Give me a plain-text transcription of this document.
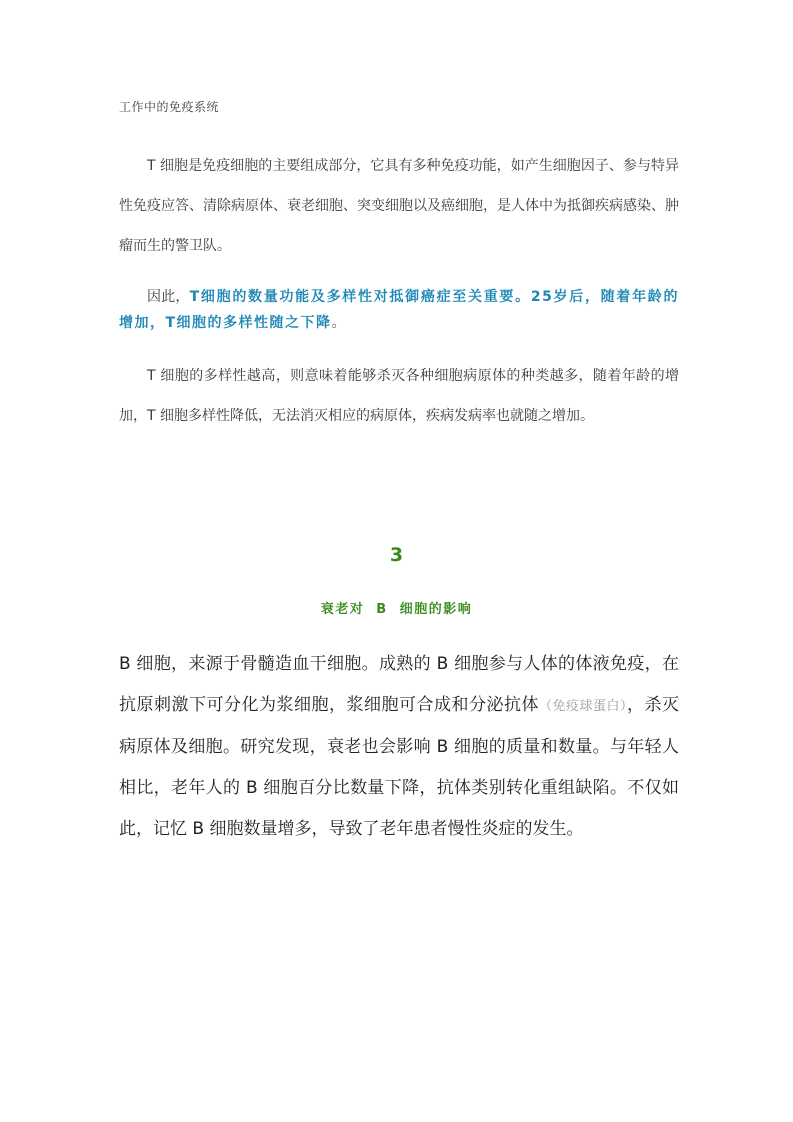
工作中的免疫系统

T 细胞是免疫细胞的主要组成部分，它具有多种免疫功能，如产生细胞因子、参与特异性免疫应答、清除病原体、衰老细胞、突变细胞以及癌细胞，是人体中为抵御疾病感染、肿瘤而生的警卫队。

因此，T细胞的数量功能及多样性对抵御癌症至关重要。25岁后，随着年龄的增加，T细胞的多样性随之下降。

T 细胞的多样性越高，则意味着能够杀灭各种细胞病原体的种类越多，随着年龄的增加，T 细胞多样性降低，无法消灭相应的病原体，疾病发病率也就随之增加。

3
衰老对 B 细胞的影响

B 细胞，来源于骨髓造血干细胞。成熟的 B 细胞参与人体的体液免疫，在抗原刺激下可分化为浆细胞，浆细胞可合成和分泌抗体（免疫球蛋白），杀灭病原体及细胞。研究发现，衰老也会影响 B 细胞的质量和数量。与年轻人相比，老年人的 B 细胞百分比数量下降，抗体类别转化重组缺陷。不仅如此，记忆 B 细胞数量增多，导致了老年患者慢性炎症的发生。
